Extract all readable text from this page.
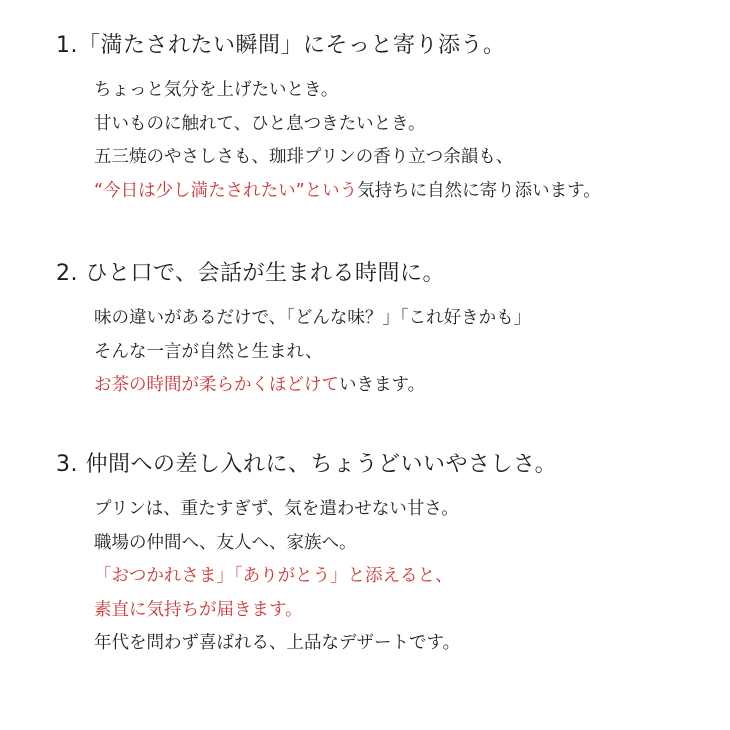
1.「満たされたい瞬間」にそっと寄り添う。
ちょっと気分を上げたいとき。
甘いものに触れて、ひと息つきたいとき。
五三焼のやさしさも、珈琲プリンの香り立つ余韻も、
“今日は少し満たされたい”という気持ちに自然に寄り添います。
2. ひと口で、会話が生まれる時間に。
味の違いがあるだけで、「どんな味？」「これ好きかも」
そんな一言が自然と生まれ、
お茶の時間が柔らかくほどけていきます。
3. 仲間への差し入れに、ちょうどいいやさしさ。
プリンは、重たすぎず、気を遣わせない甘さ。
職場の仲間へ、友人へ、家族へ。
「おつかれさま」「ありがとう」と添えると、
素直に気持ちが届きます。
年代を問わず喜ばれる、上品なデザートです。
